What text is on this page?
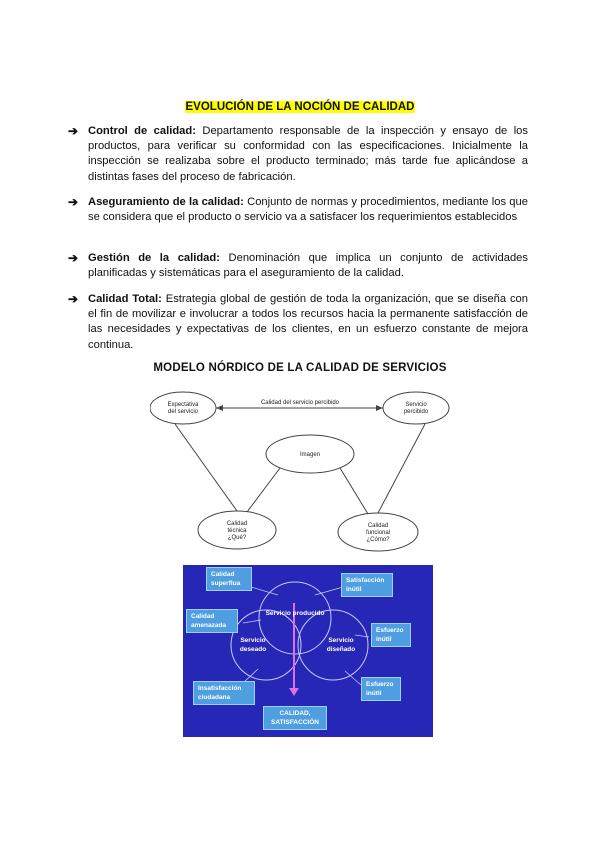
EVOLUCIÓN DE LA NOCIÓN DE CALIDAD
➔ Control de calidad: Departamento responsable de la inspección y ensayo de los productos, para verificar su conformidad con las especificaciones. Inicialmente la inspección se realizaba sobre el producto terminado; más tarde fue aplicándose a distintas fases del proceso de fabricación.
➔ Aseguramiento de la calidad: Conjunto de normas y procedimientos, mediante los que se considera que el producto o servicio va a satisfacer los requerimientos establecidos
➔ Gestión de la calidad: Denominación que implica un conjunto de actividades planificadas y sistemáticas para el aseguramiento de la calidad.
➔ Calidad Total: Estrategia global de gestión de toda la organización, que se diseña con el fin de movilizar e involucrar a todos los recursos hacia la permanente satisfacción de las necesidades y expectativas de los clientes, en un esfuerzo constante de mejora continua.
MODELO NÓRDICO DE LA CALIDAD DE SERVICIOS
Expectativa
del servicio
Calidad del servicio percibido	Servicio
percibido
Imagen
Calidad
técnica
¿Qué?
Calidad
funcional
¿Cómo?
Servicio producido
Servicio
deseado
Servicio
diseñado
Calidad superflua
Calidad amenazada
Insatisfacción ciudadana
Satisfacción inútil
Esfuerzo inútil
Esfuerzo inútil
CALIDAD, SATISFACCIÓN
